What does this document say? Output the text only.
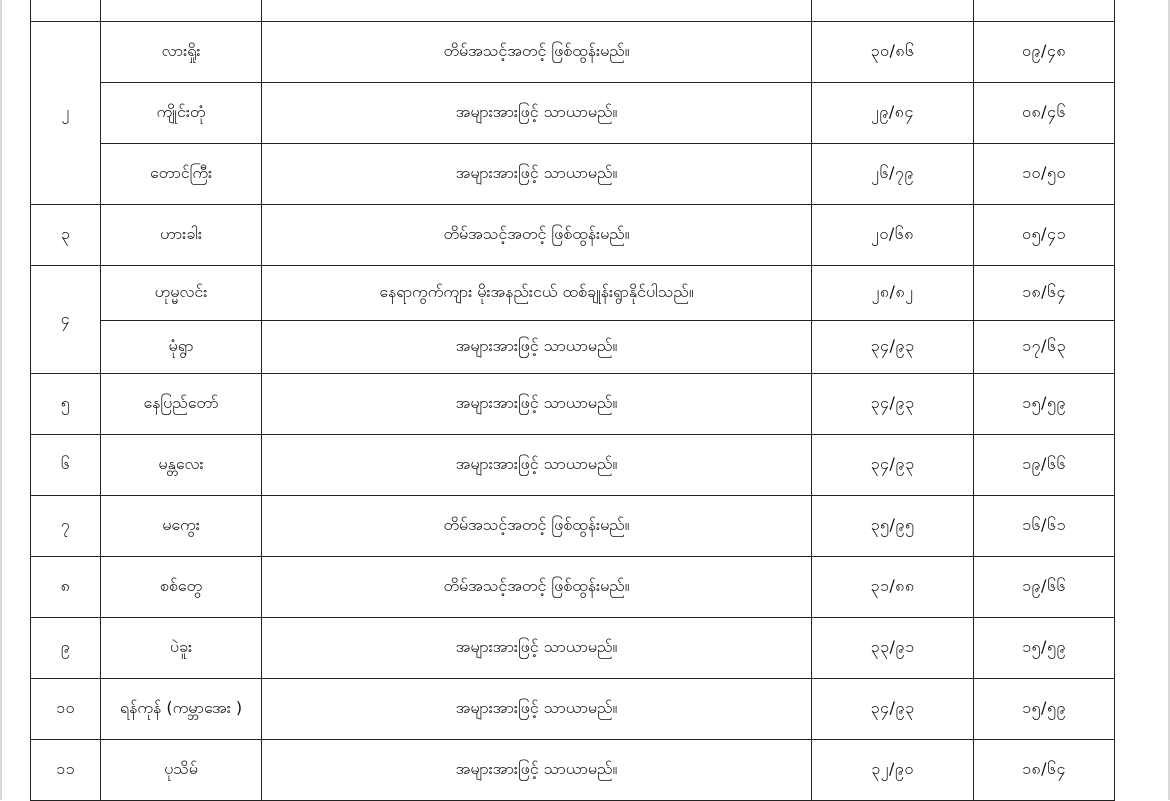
၂	လားရှိုး	တိမ်အသင့်အတင့် ဖြစ်ထွန်းမည်။	၃၀/၈၆	၀၉/၄၈
	ကျိုင်းတုံ	အများအားဖြင့် သာယာမည်။	၂၉/၈၄	၀၈/၄၆
	တောင်ကြီး	အများအားဖြင့် သာယာမည်။	၂၆/၇၉	၁၀/၅၀
၃	ဟားခါး	တိမ်အသင့်အတင့် ဖြစ်ထွန်းမည်။	၂၀/၆၈	၀၅/၄၁
၄	ဟုမ္မလင်း	နေရာကွက်ကျား မိုးအနည်းငယ် ထစ်ချုန်းရွာနိုင်ပါသည်။	၂၈/၈၂	၁၈/၆၄
	မုံရွာ	အများအားဖြင့် သာယာမည်။	၃၄/၉၃	၁၇/၆၃
၅	နေပြည်တော်	အများအားဖြင့် သာယာမည်။	၃၄/၉၃	၁၅/၅၉
၆	မန္တလေး	အများအားဖြင့် သာယာမည်။	၃၄/၉၃	၁၉/၆၆
၇	မကွေး	တိမ်အသင့်အတင့် ဖြစ်ထွန်းမည်။	၃၅/၉၅	၁၆/၆၁
၈	စစ်တွေ	တိမ်အသင့်အတင့် ဖြစ်ထွန်းမည်။	၃၁/၈၈	၁၉/၆၆
၉	ပဲခူး	အများအားဖြင့် သာယာမည်။	၃၃/၉၁	၁၅/၅၉
၁၀	ရန်ကုန် (ကမ္ဘာအေး )	အများအားဖြင့် သာယာမည်။	၃၄/၉၃	၁၅/၅၉
၁၁	ပုသိမ်	အများအားဖြင့် သာယာမည်။	၃၂/၉၀	၁၈/၆၄
